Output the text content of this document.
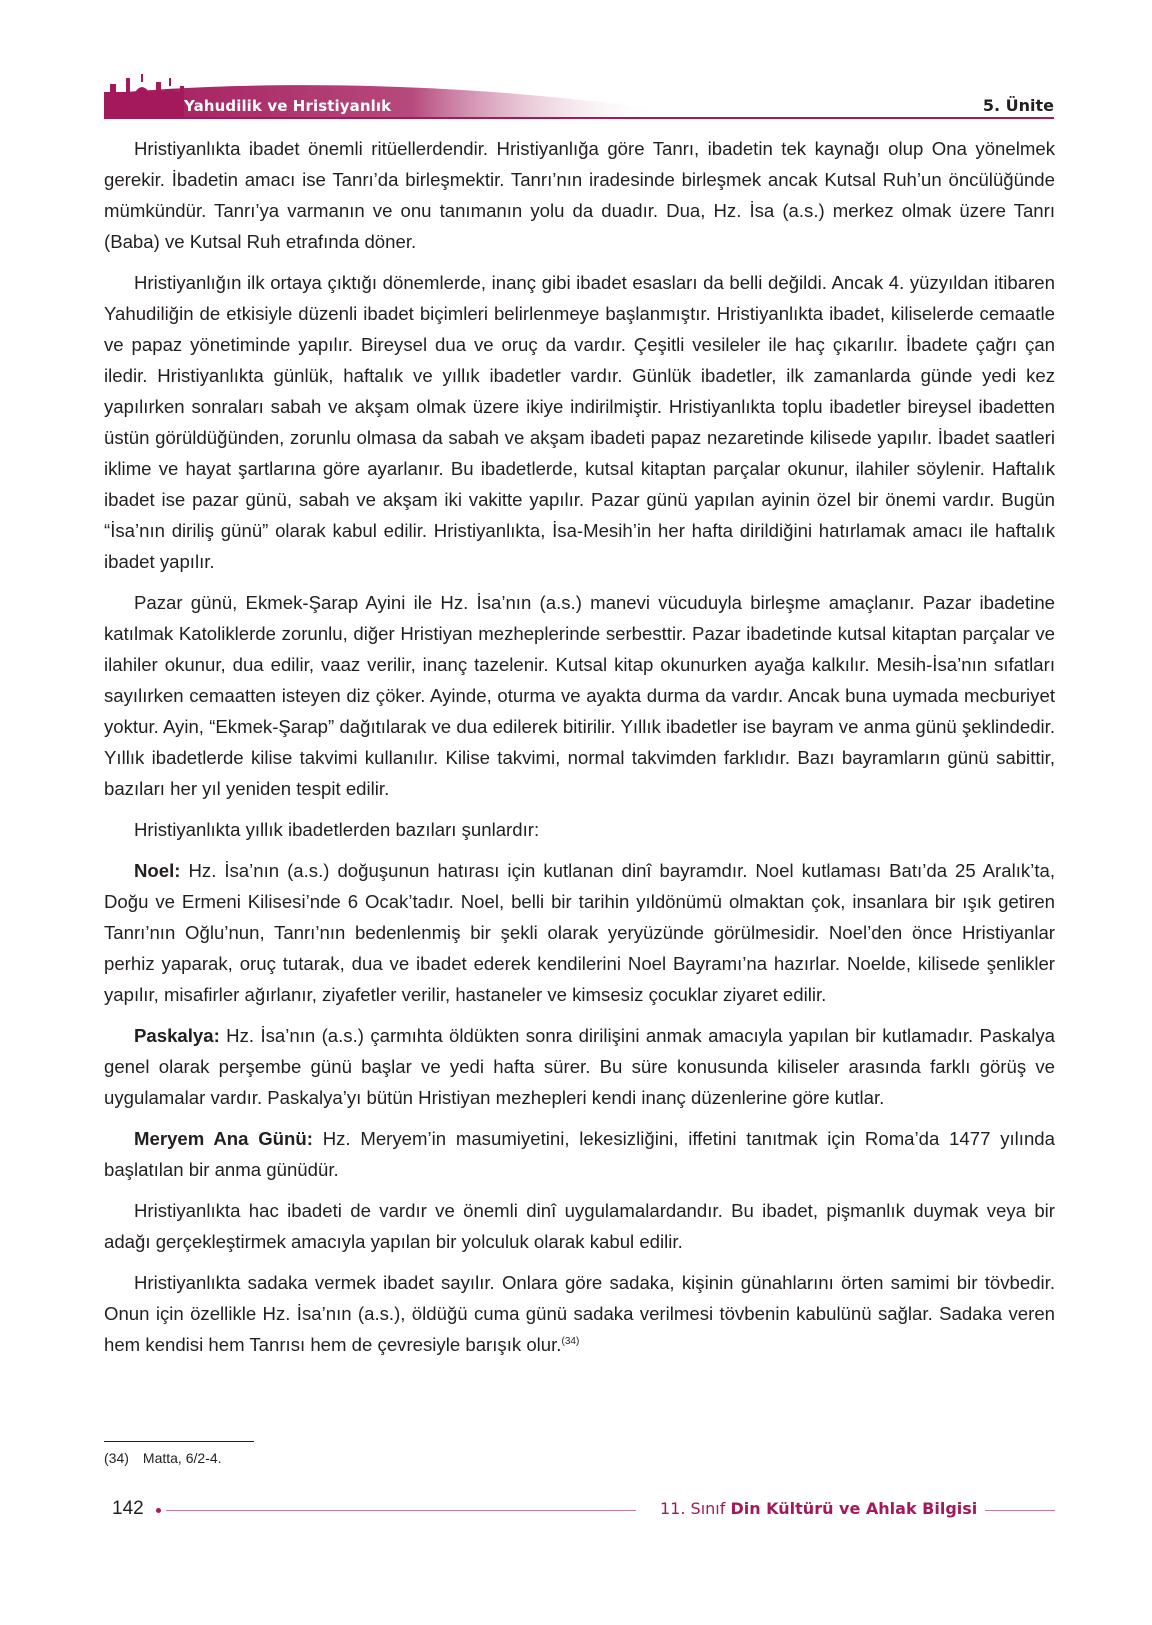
Yahudilik ve Hristiyanlık	5. Ünite

Hristiyanlıkta ibadet önemli ritüellerdendir. Hristiyanlığa göre Tanrı, ibadetin tek kaynağı olup Ona yönelmek gerekir. İbadetin amacı ise Tanrı’da birleşmektir. Tanrı’nın iradesinde birleşmek ancak Kutsal Ruh’un öncülüğünde mümkündür. Tanrı’ya varmanın ve onu tanımanın yolu da duadır. Dua, Hz. İsa (a.s.) merkez olmak üzere Tanrı (Baba) ve Kutsal Ruh etrafında döner.

Hristiyanlığın ilk ortaya çıktığı dönemlerde, inanç gibi ibadet esasları da belli değildi. Ancak 4. yüzyıldan itibaren Yahudiliğin de etkisiyle düzenli ibadet biçimleri belirlenmeye başlanmıştır. Hristiyanlıkta ibadet, kiliselerde cemaatle ve papaz yönetiminde yapılır. Bireysel dua ve oruç da vardır. Çeşitli vesileler ile haç çıkarılır. İbadete çağrı çan iledir. Hristiyanlıkta günlük, haftalık ve yıllık ibadetler vardır. Günlük ibadetler, ilk zamanlarda günde yedi kez yapılırken sonraları sabah ve akşam olmak üzere ikiye indirilmiştir. Hristiyanlıkta toplu ibadetler bireysel ibadetten üstün görüldüğünden, zorunlu olmasa da sabah ve akşam ibadeti papaz nezaretinde kilisede yapılır. İbadet saatleri iklime ve hayat şartlarına göre ayarlanır. Bu ibadetlerde, kutsal kitaptan parçalar okunur, ilahiler söylenir. Haftalık ibadet ise pazar günü, sabah ve akşam iki vakitte yapılır. Pazar günü yapılan ayinin özel bir önemi vardır. Bugün “İsa’nın diriliş günü” olarak kabul edilir. Hristiyanlıkta, İsa-Mesih’in her hafta dirildiğini hatırlamak amacı ile haftalık ibadet yapılır.

Pazar günü, Ekmek-Şarap Ayini ile Hz. İsa’nın (a.s.) manevi vücuduyla birleşme amaçlanır. Pazar ibadetine katılmak Katoliklerde zorunlu, diğer Hristiyan mezheplerinde serbesttir. Pazar ibadetinde kutsal kitaptan parçalar ve ilahiler okunur, dua edilir, vaaz verilir, inanç tazelenir. Kutsal kitap okunurken ayağa kalkılır. Mesih-İsa’nın sıfatları sayılırken cemaatten isteyen diz çöker. Ayinde, oturma ve ayakta durma da vardır. Ancak buna uymada mecburiyet yoktur. Ayin, “Ekmek-Şarap” dağıtılarak ve dua edilerek bitirilir. Yıllık ibadetler ise bayram ve anma günü şeklindedir. Yıllık ibadetlerde kilise takvimi kullanılır. Kilise takvimi, normal takvimden farklıdır. Bazı bayramların günü sabittir, bazıları her yıl yeniden tespit edilir.

Hristiyanlıkta yıllık ibadetlerden bazıları şunlardır:

Noel: Hz. İsa’nın (a.s.) doğuşunun hatırası için kutlanan dinî bayramdır. Noel kutlaması Batı’da 25 Aralık’ta, Doğu ve Ermeni Kilisesi’nde 6 Ocak’tadır. Noel, belli bir tarihin yıldönümü olmaktan çok, insanlara bir ışık getiren Tanrı’nın Oğlu’nun, Tanrı’nın bedenlenmiş bir şekli olarak yeryüzünde görülmesidir. Noel’den önce Hristiyanlar perhiz yaparak, oruç tutarak, dua ve ibadet ederek kendilerini Noel Bayramı’na hazırlar. Noelde, kilisede şenlikler yapılır, misafirler ağırlanır, ziyafetler verilir, hastaneler ve kimsesiz çocuklar ziyaret edilir.

Paskalya: Hz. İsa’nın (a.s.) çarmıhta öldükten sonra dirilişini anmak amacıyla yapılan bir kutlamadır. Paskalya genel olarak perşembe günü başlar ve yedi hafta sürer. Bu süre konusunda kiliseler arasında farklı görüş ve uygulamalar vardır. Paskalya’yı bütün Hristiyan mezhepleri kendi inanç düzenlerine göre kutlar.

Meryem Ana Günü: Hz. Meryem’in masumiyetini, lekesizliğini, iffetini tanıtmak için Roma’da 1477 yılında başlatılan bir anma günüdür.

Hristiyanlıkta hac ibadeti de vardır ve önemli dinî uygulamalardandır. Bu ibadet, pişmanlık duymak veya bir adağı gerçekleştirmek amacıyla yapılan bir yolculuk olarak kabul edilir.

Hristiyanlıkta sadaka vermek ibadet sayılır. Onlara göre sadaka, kişinin günahlarını örten samimi bir tövbedir. Onun için özellikle Hz. İsa’nın (a.s.), öldüğü cuma günü sadaka verilmesi tövbenin kabulünü sağlar. Sadaka veren hem kendisi hem Tanrısı hem de çevresiyle barışık olur.$^{(34)}$

(34) Matta, 6/2-4.
142	11. Sınıf Din Kültürü ve Ahlak Bilgisi
